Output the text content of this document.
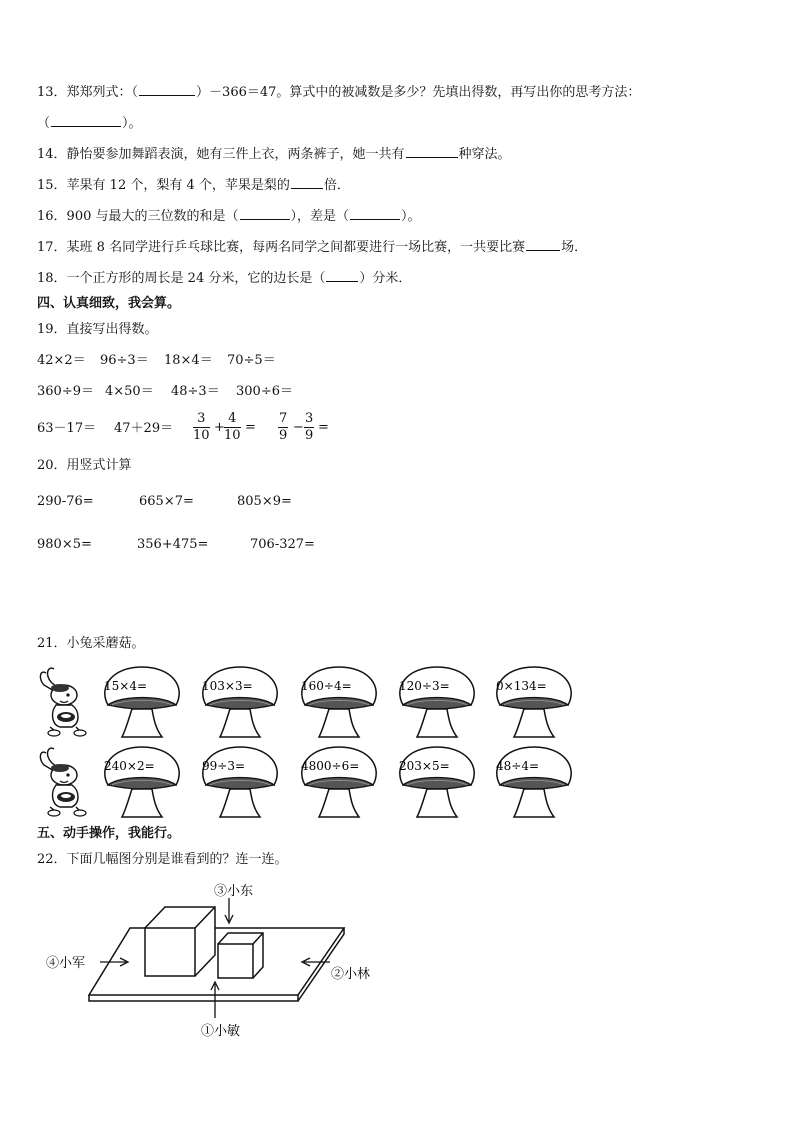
13．郑郑列式：（	）－366＝47。算式中的被减数是多少？先填出得数，再写出你的思考方法：
（	）。
14．静怡要参加舞蹈表演，她有三件上衣，两条裤子，她一共有	种穿法。
15．苹果有 12 个，梨有 4 个，苹果是梨的	倍．
16．900 与最大的三位数的和是（	），差是（	）。
17．某班 8 名同学进行乒乓球比赛，每两名同学之间都要进行一场比赛，一共要比赛	场．
18．一个正方形的周长是 24 分米，它的边长是（	）分米．
四、认真细致，我会算。
19．直接写出得数。
42×2＝ 96÷3＝ 18×4＝ 70÷5＝
360÷9＝ 4×50＝ 48÷3＝ 300÷6＝
$63-17= 47+29= \frac{3}{10} + \frac{4}{10} = \frac{7}{9} - \frac{3}{9}$ =
20．用竖式计算
290-76=	665×7=	805×9=
980×5=	356+475=	706-327=
21．小兔采蘑菇。
15×4=	103×3=	160÷4=	120÷3=	0×134=
240×2=	99÷3=	4800÷6=	203×5=	48÷4=
五、动手操作，我能行。
22．下面几幅图分别是谁看到的？连一连。
③小东
④小军
②小林
①小敏
